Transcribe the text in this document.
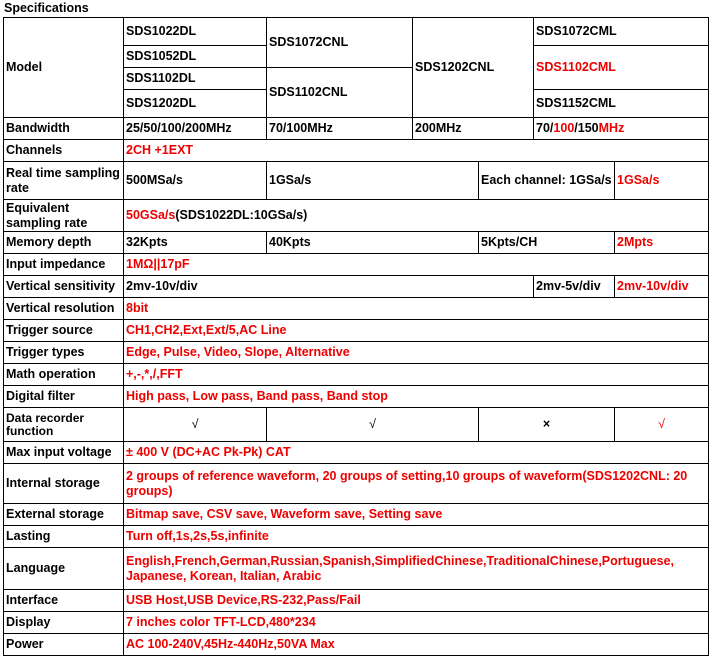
Specifications
Model	SDS1022DL	SDS1072CNL	SDS1202CNL		SDS1072CML	
	SDS1052DL				SDS1102CML	
	SDS1102DL	SDS1102CNL				
	SDS1202DL				SDS1152CML	
Bandwidth	25/50/100/200MHz	70/100MHz	200MHz		70/100/150MHz	
Channels	2CH +1EXT					
Real time sampling rate	500MSa/s	1GSa/s		Each channel: 1GSa/s		1GSa/s
Equivalent sampling rate	50GSa/s(SDS1022DL:10GSa/s)					
Memory depth	32Kpts	40Kpts		5Kpts/CH		2Mpts
Input impedance	1MΩ||17pF					
Vertical sensitivity	2mv-10v/div				2mv-5v/div	2mv-10v/div
Vertical resolution	8bit					
Trigger source	CH1,CH2,Ext,Ext/5,AC Line					
Trigger types	Edge, Pulse, Video, Slope, Alternative					
Math operation	+,-,*,/,FFT					
Digital filter	High pass, Low pass, Band pass, Band stop					
Data recorder function	√	√		×		√
Max input voltage	± 400 V (DC+AC Pk-Pk) CAT					
Internal storage	2 groups of reference waveform, 20 groups of setting,10 groups of waveform(SDS1202CNL: 20 groups)					
External storage	Bitmap save, CSV save, Waveform save, Setting save					
Lasting	Turn off,1s,2s,5s,infinite					
Language	English,French,German,Russian,Spanish,SimplifiedChinese,TraditionalChinese,Portuguese, Japanese, Korean, Italian, Arabic					
Interface	USB Host,USB Device,RS-232,Pass/Fail					
Display	7 inches color TFT-LCD,480*234					
Power	AC 100-240V,45Hz-440Hz,50VA Max					
